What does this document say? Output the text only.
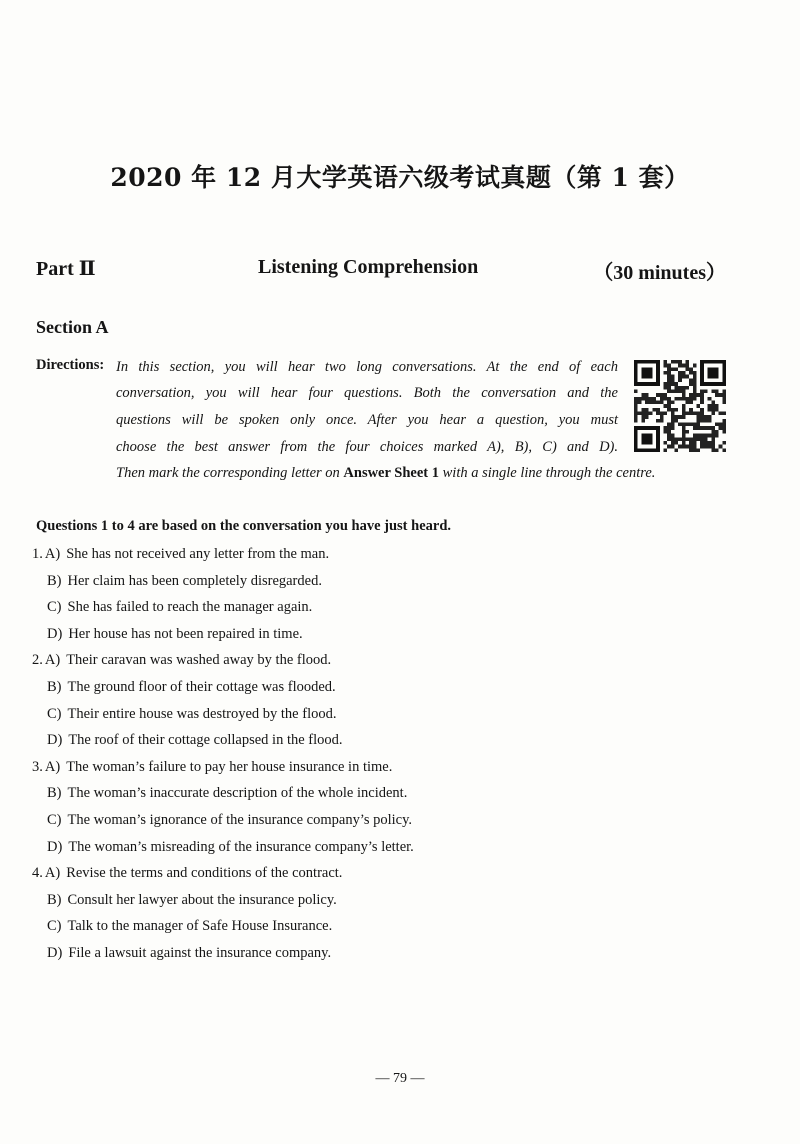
2020 年 12 月大学英语六级考试真题（第 1 套）
Part Ⅱ	Listening Comprehension	（30 minutes）
Section A
Directions: In this section, you will hear two long conversations. At the end of each
conversation, you will hear four questions. Both the conversation and the
questions will be spoken only once. After you hear a question, you must
choose the best answer from the four choices marked A), B), C) and D).
Then mark the corresponding letter on Answer Sheet 1 with a single line through the centre.
Questions 1 to 4 are based on the conversation you have just heard.
1. A) She has not received any letter from the man.
B) Her claim has been completely disregarded.
C) She has failed to reach the manager again.
D) Her house has not been repaired in time.
2. A) Their caravan was washed away by the flood.
B) The ground floor of their cottage was flooded.
C) Their entire house was destroyed by the flood.
D) The roof of their cottage collapsed in the flood.
3. A) The woman’s failure to pay her house insurance in time.
B) The woman’s inaccurate description of the whole incident.
C) The woman’s ignorance of the insurance company’s policy.
D) The woman’s misreading of the insurance company’s letter.
4. A) Revise the terms and conditions of the contract.
B) Consult her lawyer about the insurance policy.
C) Talk to the manager of Safe House Insurance.
D) File a lawsuit against the insurance company.
— 79 —
